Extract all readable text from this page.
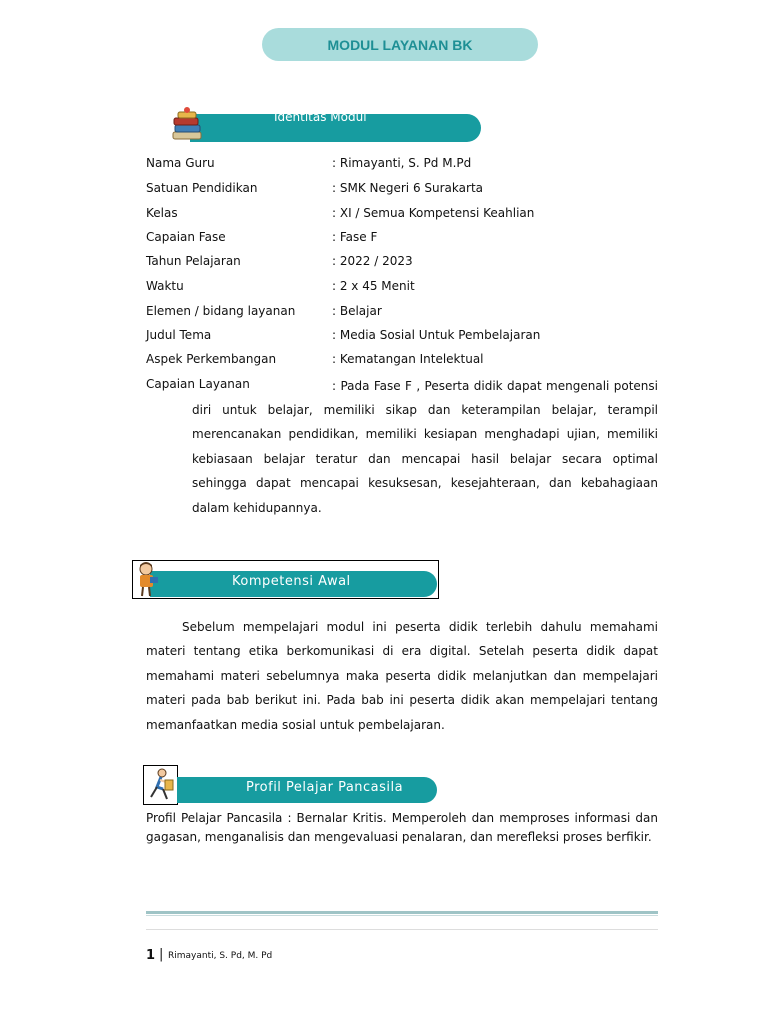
MODUL LAYANAN BK
Identitas Modul
Nama Guru	: Rimayanti, S. Pd M.Pd
Satuan Pendidikan	: SMK Negeri 6 Surakarta
Kelas	: XI / Semua Kompetensi Keahlian
Capaian Fase	: Fase F
Tahun Pelajaran	: 2022 / 2023
Waktu	: 2 x 45 Menit
Elemen / bidang layanan	: Belajar
Judul Tema	: Media Sosial Untuk Pembelajaran
Aspek Perkembangan	: Kematangan Intelektual
Capaian Layanan	: Pada Fase F , Peserta didik dapat mengenali potensi
diri untuk belajar, memiliki sikap dan keterampilan belajar, terampil merencanakan pendidikan, memiliki kesiapan menghadapi ujian, memiliki kebiasaan belajar teratur dan mencapai hasil belajar secara optimal sehingga dapat mencapai kesuksesan, kesejahteraan, dan kebahagiaan dalam kehidupannya.
Kompetensi Awal
Sebelum mempelajari modul ini peserta didik terlebih dahulu memahami materi tentang etika berkomunikasi di era digital. Setelah peserta didik dapat memahami materi sebelumnya maka peserta didik melanjutkan dan mempelajari materi pada bab berikut ini. Pada bab ini peserta didik akan mempelajari tentang memanfaatkan media sosial untuk pembelajaran.
Profil Pelajar Pancasila
Profil Pelajar Pancasila : Bernalar Kritis. Memperoleh dan memproses informasi dan gagasan, menganalisis dan mengevaluasi penalaran, dan merefleksi proses berfikir.
1 | Rimayanti, S. Pd, M. Pd
